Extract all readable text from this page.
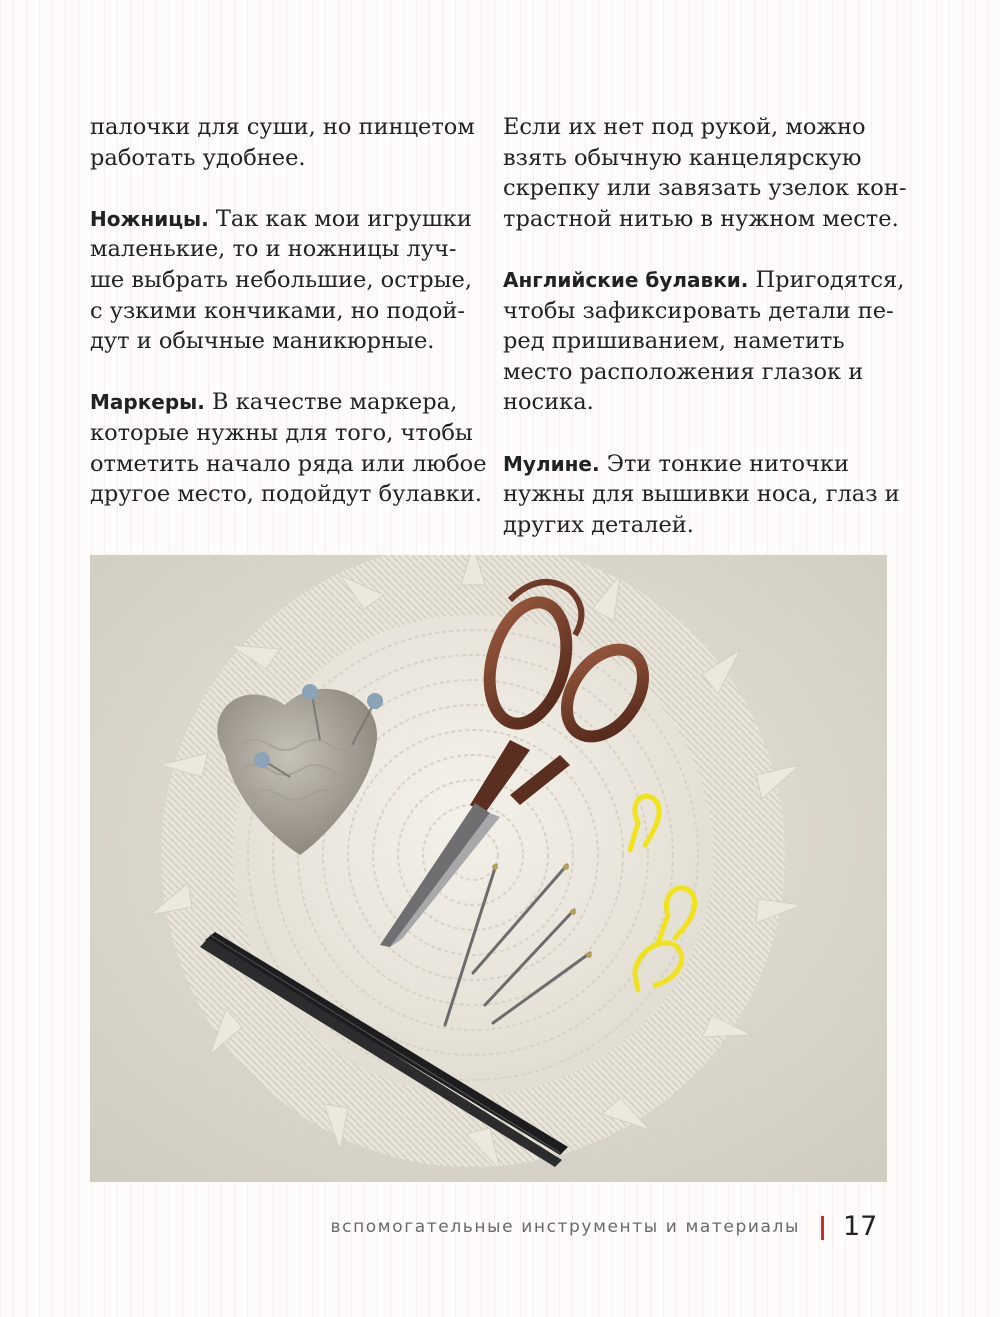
палочки для суши, но пинцетом работать удобнее.

Ножницы. Так как мои игрушки маленькие, то и ножницы луч-ше выбрать небольшие, острые, с узкими кончиками, но подой-дут и обычные маникюрные.

Маркеры. В качестве маркера, которые нужны для того, чтобы отметить начало ряда или любое другое место, подойдут булавки.

Если их нет под рукой, можно взять обычную канцелярскую скрепку или завязать узелок кон-трастной нитью в нужном месте.

Английские булавки. Пригодятся, чтобы зафиксировать детали пе-ред пришиванием, наметить место расположения глазок и носика.

Мулине. Эти тонкие ниточки нужны для вышивки носа, глаз и других деталей.

вспомогательные инструменты и материалы 17
